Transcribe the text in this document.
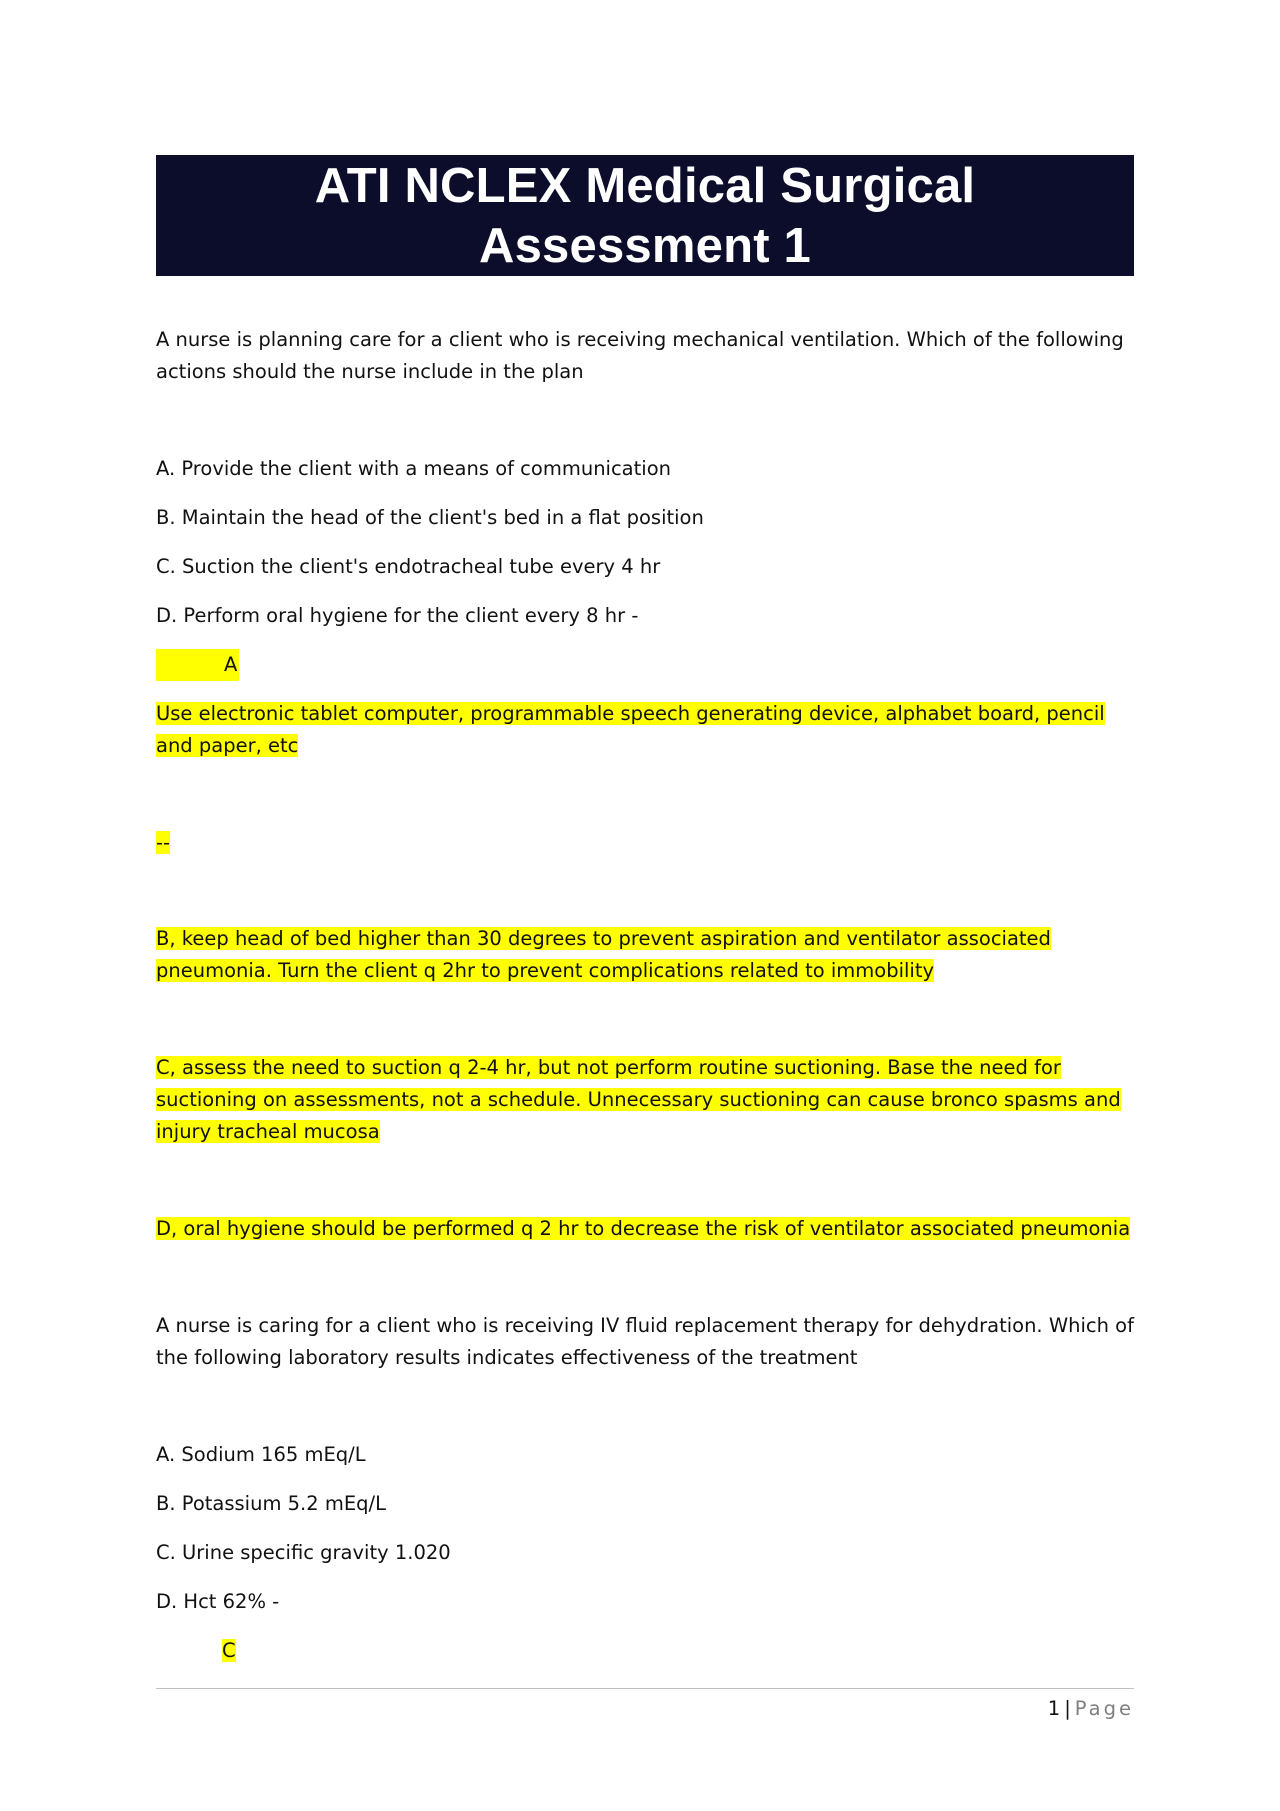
ATI NCLEX Medical Surgical Assessment 1

A nurse is planning care for a client who is receiving mechanical ventilation. Which of the following actions should the nurse include in the plan

A. Provide the client with a means of communication

B. Maintain the head of the client's bed in a flat position

C. Suction the client's endotracheal tube every 4 hr

D. Perform oral hygiene for the client every 8 hr -

A

Use electronic tablet computer, programmable speech generating device, alphabet board, pencil and paper, etc

--

B, keep head of bed higher than 30 degrees to prevent aspiration and ventilator associated pneumonia. Turn the client q 2hr to prevent complications related to immobility

C, assess the need to suction q 2-4 hr, but not perform routine suctioning. Base the need for suctioning on assessments, not a schedule. Unnecessary suctioning can cause bronco spasms and injury tracheal mucosa

D, oral hygiene should be performed q 2 hr to decrease the risk of ventilator associated pneumonia

A nurse is caring for a client who is receiving IV fluid replacement therapy for dehydration. Which of the following laboratory results indicates effectiveness of the treatment

A. Sodium 165 mEq/L

B. Potassium 5.2 mEq/L

C. Urine specific gravity 1.020

D. Hct 62% -

C

1 | Page
